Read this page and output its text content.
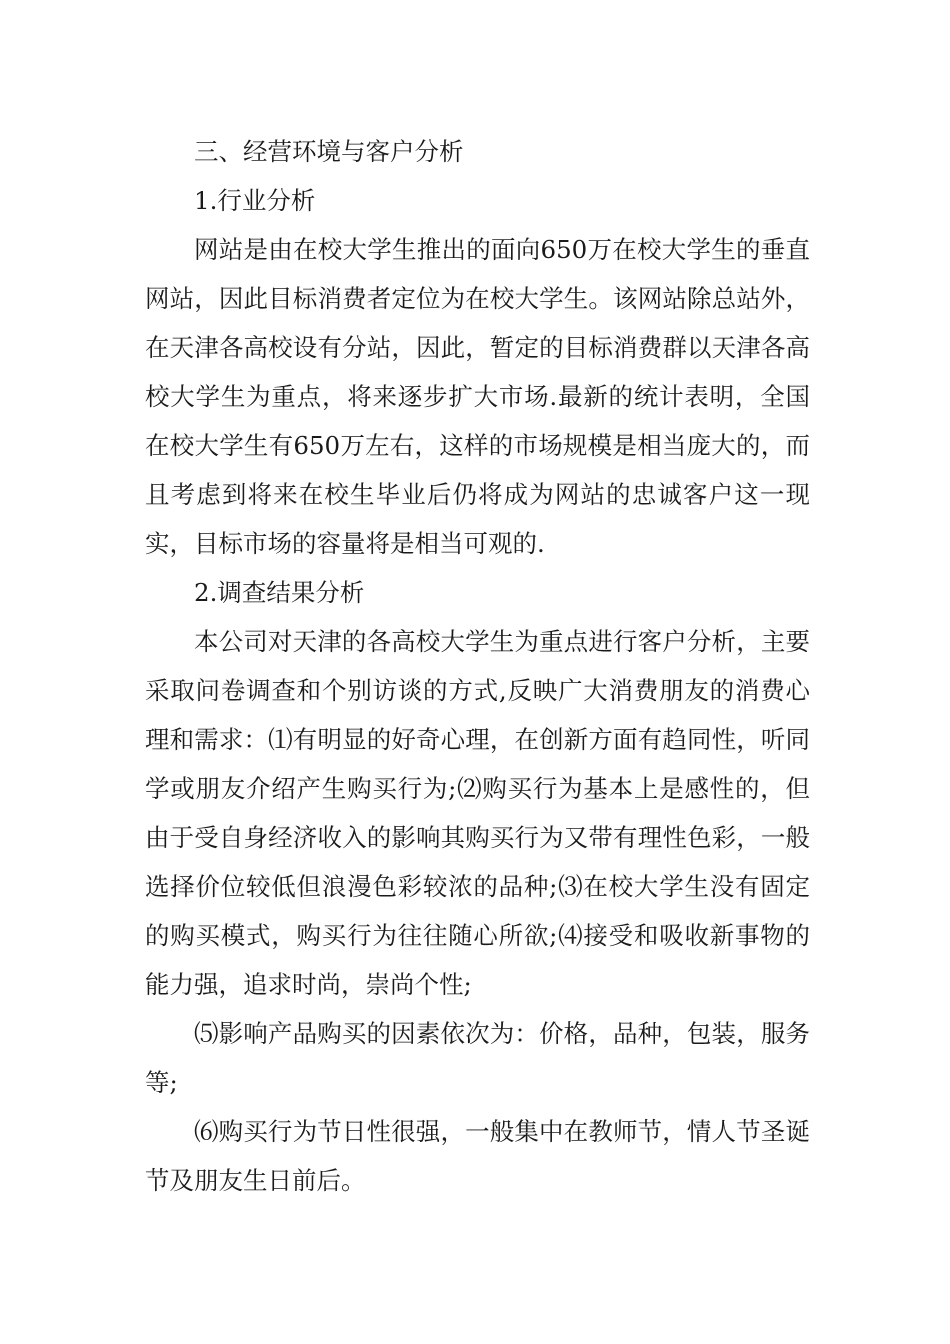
三、经营环境与客户分析

1.行业分析

网站是由在校大学生推出的面向650万在校大学生的垂直网站，因此目标消费者定位为在校大学生。该网站除总站外，在天津各高校设有分站，因此，暂定的目标消费群以天津各高校大学生为重点，将来逐步扩大市场.最新的统计表明，全国在校大学生有650万左右，这样的市场规模是相当庞大的，而且考虑到将来在校生毕业后仍将成为网站的忠诚客户这一现实，目标市场的容量将是相当可观的.

2.调查结果分析

本公司对天津的各高校大学生为重点进行客户分析，主要采取问卷调查和个别访谈的方式,反映广大消费朋友的消费心理和需求：⑴有明显的好奇心理，在创新方面有趋同性，听同学或朋友介绍产生购买行为;⑵购买行为基本上是感性的，但由于受自身经济收入的影响其购买行为又带有理性色彩，一般选择价位较低但浪漫色彩较浓的品种;⑶在校大学生没有固定的购买模式，购买行为往往随心所欲;⑷接受和吸收新事物的能力强，追求时尚，崇尚个性;

⑸影响产品购买的因素依次为：价格，品种，包装，服务等;

⑹购买行为节日性很强，一般集中在教师节，情人节圣诞节及朋友生日前后。
